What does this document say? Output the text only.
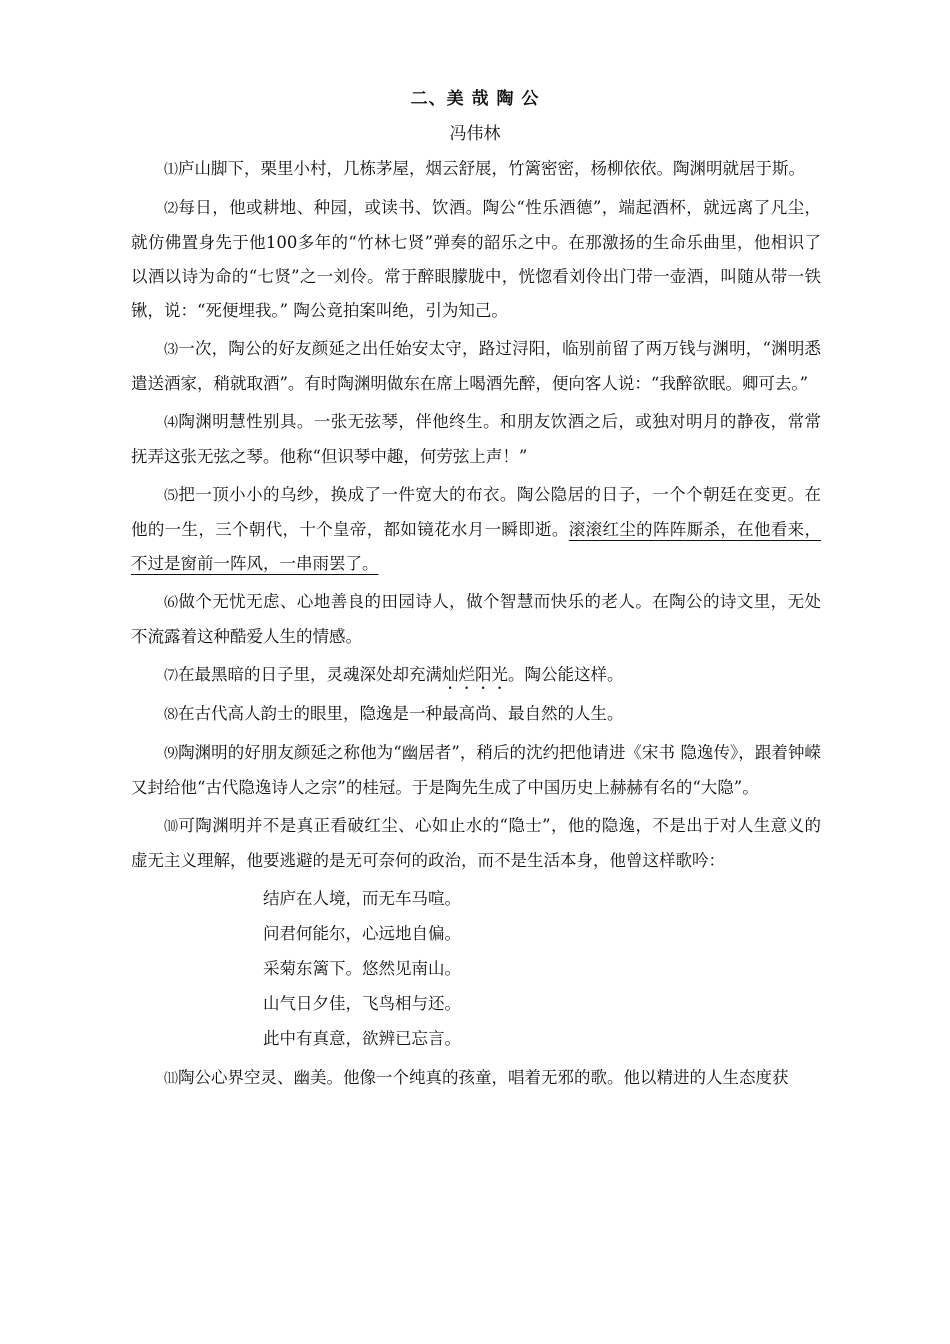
二、美 哉 陶 公
冯伟林

⑴庐山脚下，栗里小村，几栋茅屋，烟云舒展，竹篱密密，杨柳依依。陶渊明就居于斯。

⑵每日，他或耕地、种园，或读书、饮酒。陶公“性乐酒德”，端起酒杯，就远离了凡尘，就仿佛置身先于他100多年的“竹林七贤”弹奏的韶乐之中。在那激扬的生命乐曲里，他相识了以酒以诗为命的“七贤”之一刘伶。常于醉眼朦胧中，恍惚看刘伶出门带一壶酒，叫随从带一铁锹，说：“死便埋我。” 陶公竟拍案叫绝，引为知己。

⑶一次，陶公的好友颜延之出任始安太守，路过浔阳，临别前留了两万钱与渊明，“渊明悉遣送酒家，稍就取酒”。有时陶渊明做东在席上喝酒先醉，便向客人说：“我醉欲眠。卿可去。”

⑷陶渊明慧性别具。一张无弦琴，伴他终生。和朋友饮酒之后，或独对明月的静夜，常常抚弄这张无弦之琴。他称“但识琴中趣，何劳弦上声！”

⑸把一顶小小的乌纱，换成了一件宽大的布衣。陶公隐居的日子，一个个朝廷在变更。在他的一生，三个朝代，十个皇帝，都如镜花水月一瞬即逝。滚滚红尘的阵阵厮杀，在他看来，不过是窗前一阵风，一串雨罢了。

⑹做个无忧无虑、心地善良的田园诗人，做个智慧而快乐的老人。在陶公的诗文里，无处不流露着这种酷爱人生的情感。

⑺在最黑暗的日子里，灵魂深处却充满灿烂阳光。陶公能这样。

⑻在古代高人韵士的眼里，隐逸是一种最高尚、最自然的人生。

⑼陶渊明的好朋友颜延之称他为“幽居者”，稍后的沈约把他请进《宋书 隐逸传》，跟着钟嵘又封给他“古代隐逸诗人之宗”的桂冠。于是陶先生成了中国历史上赫赫有名的“大隐”。

⑽可陶渊明并不是真正看破红尘、心如止水的“隐士”，他的隐逸，不是出于对人生意义的虚无主义理解，他要逃避的是无可奈何的政治，而不是生活本身，他曾这样歌吟：

结庐在人境，而无车马喧。
问君何能尔，心远地自偏。
采菊东篱下。悠然见南山。
山气日夕佳，飞鸟相与还。
此中有真意，欲辨已忘言。

⑾陶公心界空灵、幽美。他像一个纯真的孩童，唱着无邪的歌。他以精进的人生态度获
